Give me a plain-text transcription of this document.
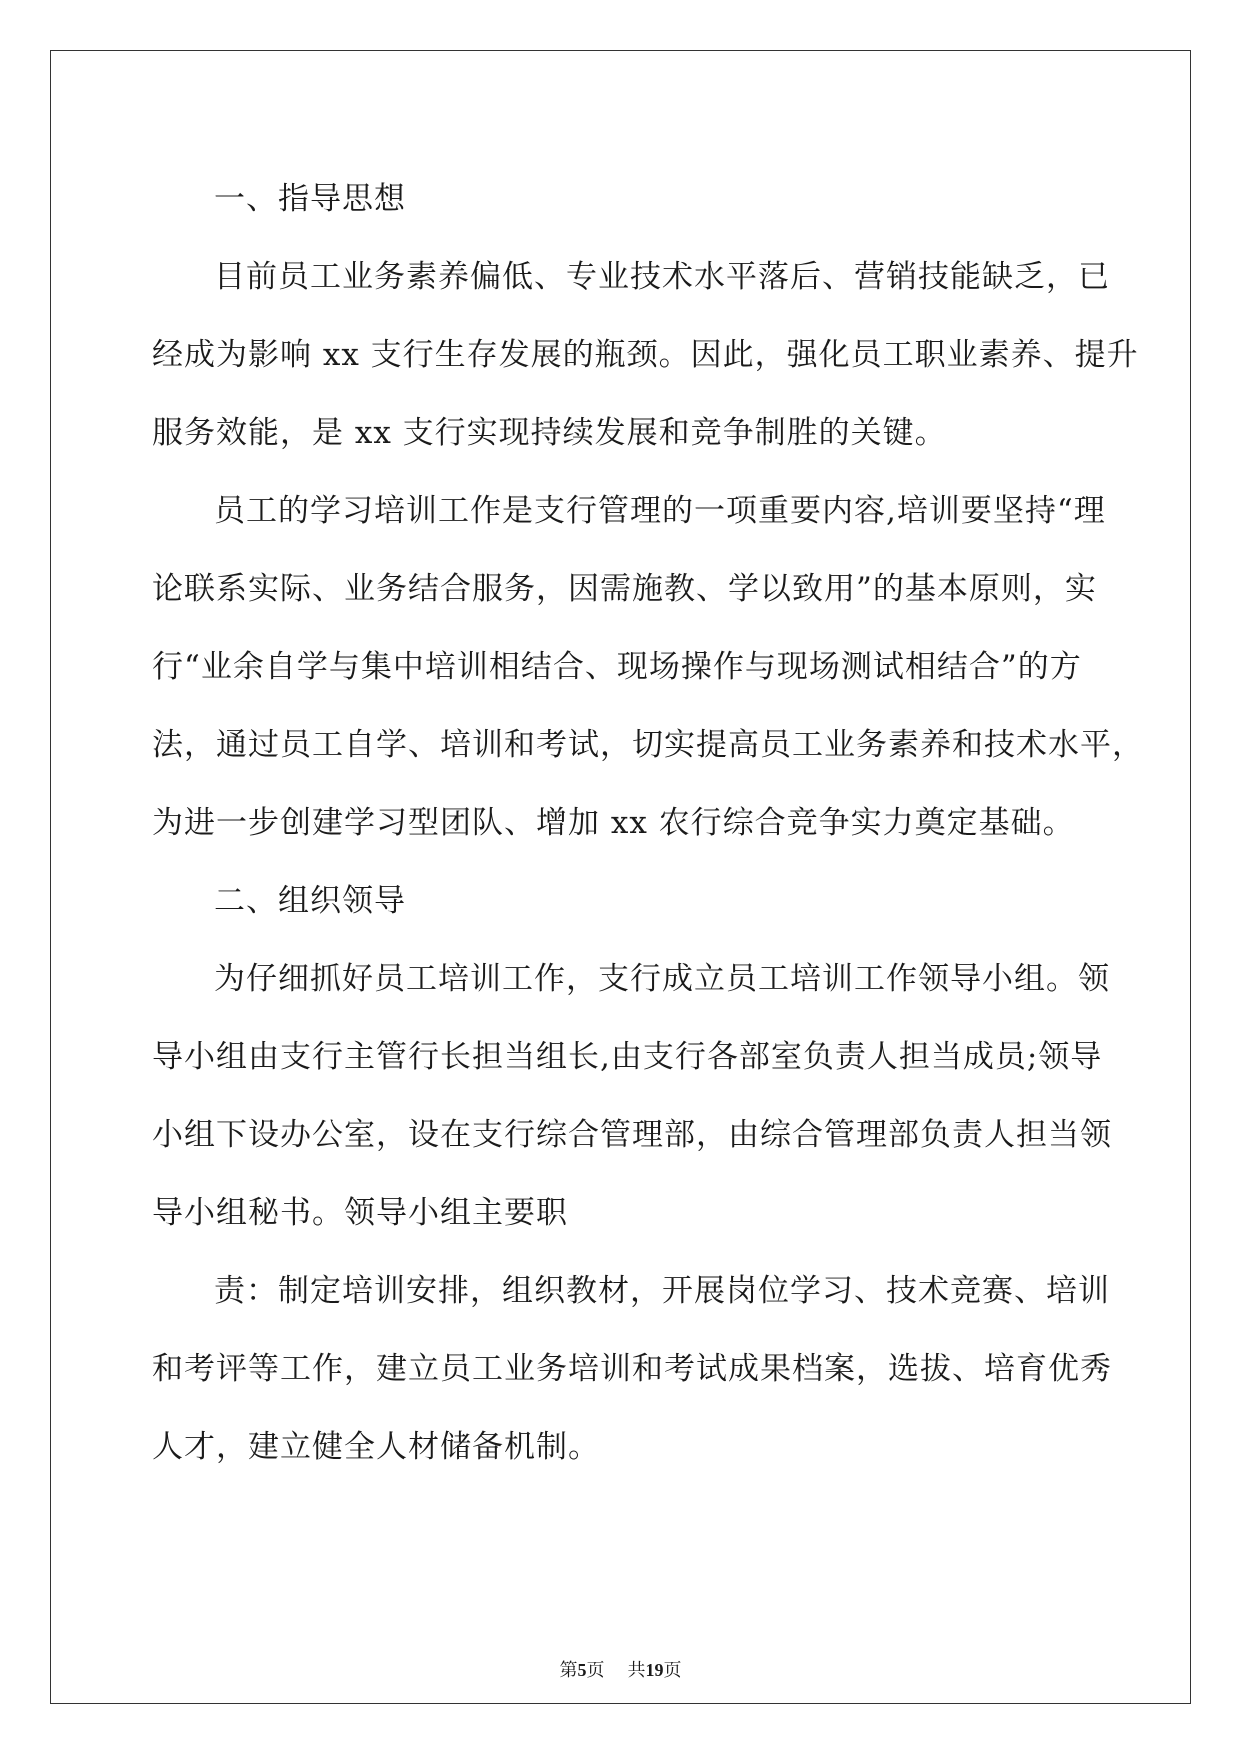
一、指导思想
目前员工业务素养偏低、专业技术水平落后、营销技能缺乏，已
经成为影响 xx 支行生存发展的瓶颈。因此，强化员工职业素养、提升
服务效能，是 xx 支行实现持续发展和竞争制胜的关键。
员工的学习培训工作是支行管理的一项重要内容,培训要坚持“理
论联系实际、业务结合服务，因需施教、学以致用”的基本原则，实
行“业余自学与集中培训相结合、现场操作与现场测试相结合”的方
法，通过员工自学、培训和考试，切实提高员工业务素养和技术水平，
为进一步创建学习型团队、增加 xx 农行综合竞争实力奠定基础。
二、组织领导
为仔细抓好员工培训工作，支行成立员工培训工作领导小组。领
导小组由支行主管行长担当组长,由支行各部室负责人担当成员;领导
小组下设办公室，设在支行综合管理部，由综合管理部负责人担当领
导小组秘书。领导小组主要职
责：制定培训安排，组织教材，开展岗位学习、技术竞赛、培训
和考评等工作，建立员工业务培训和考试成果档案，选拔、培育优秀
人才，建立健全人材储备机制。
第5页 共19页
